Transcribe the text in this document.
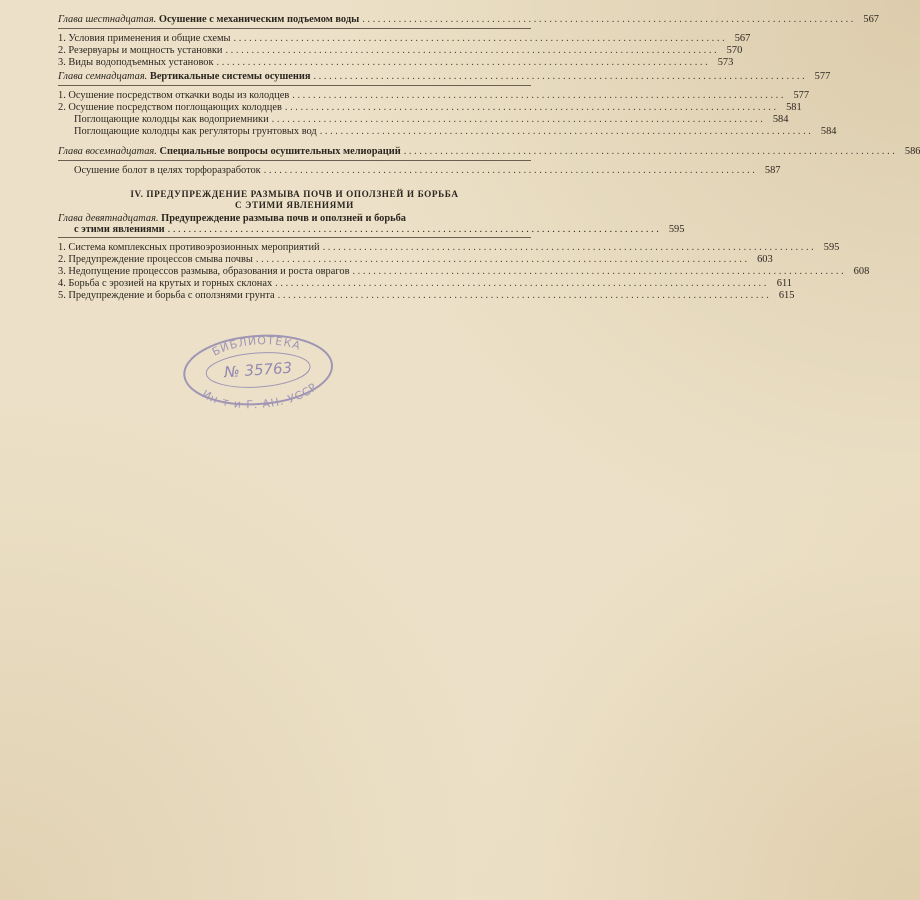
Глава шестнадцатая. Осушение с механическим подъемом воды ............................................................................................... 567
1. Условия применения и общие схемы ............................................................................................... 567
2. Резервуары и мощность установки ............................................................................................... 570
3. Виды водоподъемных установок ............................................................................................... 573
Глава семнадцатая. Вертикальные системы осушения ............................................................................................... 577
1. Осушение посредством откачки воды из колодцев ............................................................................................... 577
2. Осушение посредством поглощающих колодцев ............................................................................................... 581
Поглощающие колодцы как водоприемники ............................................................................................... 584
Поглощающие колодцы как регуляторы грунтовых вод ............................................................................................... 584
Глава восемнадцатая. Специальные вопросы осушительных мелиораций ............................................................................................... 586
Осушение болот в целях торфоразработок ............................................................................................... 587
IV. ПРЕДУПРЕЖДЕНИЕ РАЗМЫВА ПОЧВ И ОПОЛЗНЕЙ И БОРЬБА
С ЭТИМИ ЯВЛЕНИЯМИ
Глава девятнадцатая. Предупреждение размыва почв и оползней и борьба
с этими явлениями ............................................................................................... 595
1. Система комплексных противоэрозионных мероприятий ............................................................................................... 595
2. Предупреждение процессов смыва почвы ............................................................................................... 603
3. Недопущение процессов размыва, образования и роста оврагов ............................................................................................... 608
4. Борьба с эрозией на крутых и горных склонах ............................................................................................... 611
5. Предупреждение и борьба с оползнями грунта ............................................................................................... 615
БИБЛИОТЕКА
№ 35763
Ин-т и Г. АН. УССР
